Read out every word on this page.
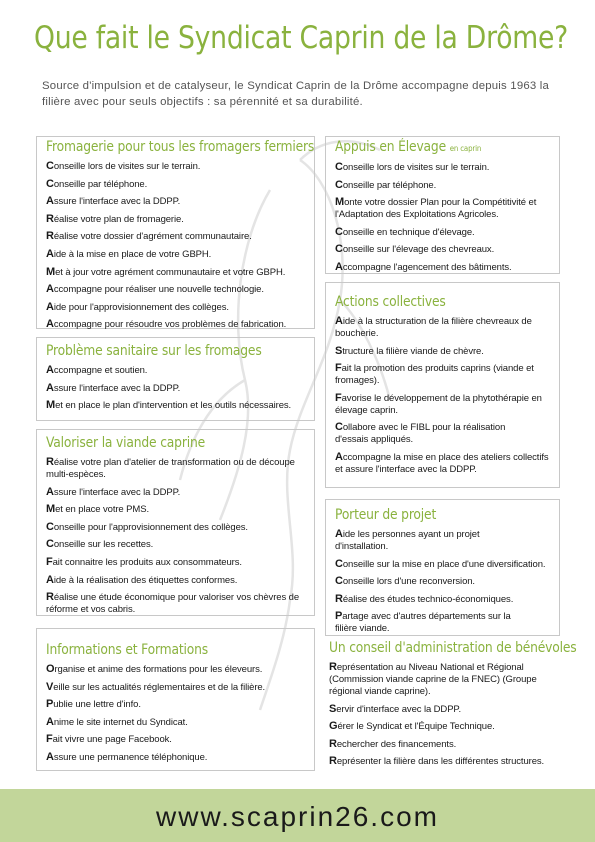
Que fait le Syndicat Caprin de la Drôme?
Source d'impulsion et de catalyseur, le Syndicat Caprin de la Drôme accompagne depuis 1963 la filière avec pour seuls objectifs : sa pérennité et sa durabilité.
Fromagerie pour tous les fromagers fermiers
Conseille lors de visites sur le terrain.
Conseille par téléphone.
Assure l'interface avec la DDPP.
Réalise votre plan de fromagerie.
Réalise votre dossier d'agrément communautaire.
Aide à la mise en place de votre GBPH.
Met à jour votre agrément communautaire et votre GBPH.
Accompagne pour réaliser une nouvelle technologie.
Aide pour l'approvisionnement des collèges.
Accompagne pour résoudre vos problèmes de fabrication.
Problème sanitaire sur les fromages
Accompagne et soutien.
Assure l'interface avec la DDPP.
Met en place le plan d'intervention et les outils nécessaires.
Valoriser la viande caprine
Réalise votre plan d'atelier de transformation ou de découpe multi-espèces.
Assure l'interface avec la DDPP.
Met en place votre PMS.
Conseille pour l'approvisionnement des collèges.
Conseille sur les recettes.
Fait connaitre les produits aux consommateurs.
Aide à la réalisation des étiquettes conformes.
Réalise une étude économique pour valoriser vos chèvres de réforme et vos cabris.
Informations et Formations
Organise et anime des formations pour les éleveurs.
Veille sur les actualités réglementaires et de la filière.
Publie une lettre d'info.
Anime le site internet du Syndicat.
Fait vivre une page Facebook.
Assure une permanence téléphonique.
Appuis en Élevage en caprin
Conseille lors de visites sur le terrain.
Conseille par téléphone.
Monte votre dossier Plan pour la Compétitivité et l'Adaptation des Exploitations Agricoles.
Conseille en technique d'élevage.
Conseille sur l'élevage des chevreaux.
Accompagne l'agencement des bâtiments.
Actions collectives
Aide à la structuration de la filière chevreaux de boucherie.
Structure la filière viande de chèvre.
Fait la promotion des produits caprins (viande et fromages).
Favorise le développement de la phytothérapie en élevage caprin.
Collabore avec le FIBL pour la réalisation d'essais appliqués.
Accompagne la mise en place des ateliers collectifs et assure l'interface avec la DDPP.
Porteur de projet
Aide les personnes ayant un projet d'installation.
Conseille sur la mise en place d'une diversification.
Conseille lors d'une reconversion.
Réalise des études technico-économiques.
Partage avec d'autres départements sur la filière viande.
Un conseil d'administration de bénévoles
Représentation au Niveau National et Régional (Commission viande caprine de la FNEC) (Groupe régional viande caprine).
Servir d'interface avec la DDPP.
Gérer le Syndicat et l'Équipe Technique.
Rechercher des financements.
Représenter la filière dans les différentes structures.
www.scaprin26.com
